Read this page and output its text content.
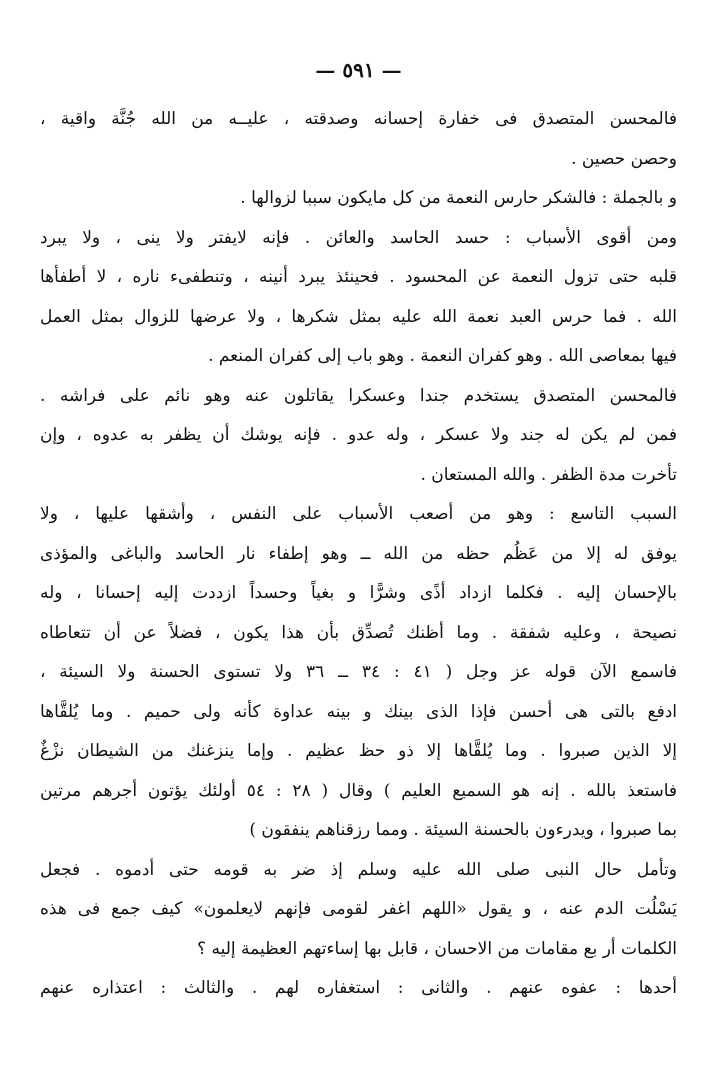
— ٥٩١ —
فالمحسن المتصدق فى خفارة إحسانه وصدقته ، عليــه من الله جُنَّة واقية ،
وحصن حصين .
و بالجملة : فالشكر حارس النعمة من كل مايكون سببا لزوالها .
ومن أقوى الأسباب : حسد الحاسد والعائن . فإنه لايفتر ولا ينى ، ولا يبرد
قلبه حتى تزول النعمة عن المحسود . فحينئذ يبرد أنينه ، وتنطفىء ناره ، لا أطفأها
الله . فما حرس العبد نعمة الله عليه بمثل شكرها ، ولا عرضها للزوال بمثل العمل
فيها بمعاصى الله . وهو كفران النعمة . وهو باب إلى كفران المنعم .
فالمحسن المتصدق يستخدم جندا وعسكرا يقاتلون عنه وهو نائم على فراشه .
فمن لم يكن له جند ولا عسكر ، وله عدو . فإنه يوشك أن يظفر به عدوه ، وإن
تأخرت مدة الظفر . والله المستعان .
السبب التاسع : وهو من أصعب الأسباب على النفس ، وأشقها عليها ، ولا
يوفق له إلا من عَظُم حظه من الله ــ وهو إطفاء نار الحاسد والباغى والمؤذى
بالإحسان إليه . فكلما ازداد أذًى وشرًّا و بغياً وحسداً ازددت إليه إحسانا ، وله
نصيحة ، وعليه شفقة . وما أظنك تُصدِّق بأن هذا يكون ، فضلاً عن أن تتعاطاه
فاسمع الآن قوله عز وجل ( ٤١ : ٣٤ ــ ٣٦ ولا تستوى الحسنة ولا السيئة ،
ادفع بالتى هى أحسن فإذا الذى بينك و بينه عداوة كأنه ولى حميم . وما يُلقَّاها
إلا الذين صبروا . وما يُلقَّاها إلا ذو حظ عظيم . وإما ينزغنك من الشيطان نزْغٌ
فاستعذ بالله . إنه هو السميع العليم ) وقال ( ٢٨ : ٥٤ أولئك يؤتون أجرهم مرتين
بما صبروا ، ويدرءون بالحسنة السيئة . ومما رزقناهم ينفقون )
وتأمل حال النبى صلى الله عليه وسلم إذ ضر به قومه حتى أدموه . فجعل
يَسْلُت الدم عنه ، و يقول «اللهم اغفر لقومى فإنهم لايعلمون» كيف جمع فى هذه
الكلمات أر بع مقامات من الاحسان ، قابل بها إساءتهم العظيمة إليه ؟
أحدها : عفوه عنهم . والثانى : استغفاره لهم . والثالث : اعتذاره عنهم
